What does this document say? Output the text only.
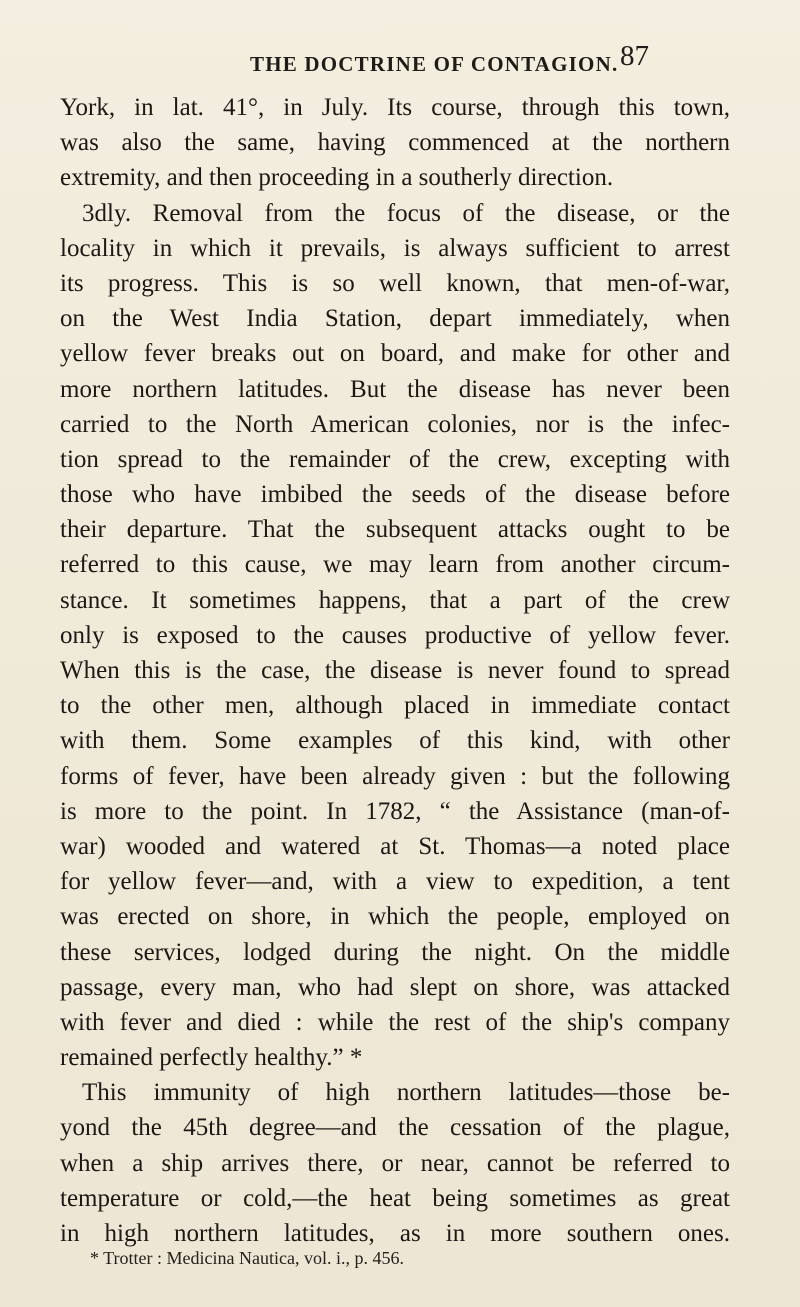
THE DOCTRINE OF CONTAGION. 87
York, in lat. 41°, in July. Its course, through this town,
was also the same, having commenced at the northern
extremity, and then proceeding in a southerly direction.
3dly. Removal from the focus of the disease, or the
locality in which it prevails, is always sufficient to arrest
its progress. This is so well known, that men-of-war,
on the West India Station, depart immediately, when
yellow fever breaks out on board, and make for other and
more northern latitudes. But the disease has never been
carried to the North American colonies, nor is the infec-
tion spread to the remainder of the crew, excepting with
those who have imbibed the seeds of the disease before
their departure. That the subsequent attacks ought to be
referred to this cause, we may learn from another circum-
stance. It sometimes happens, that a part of the crew
only is exposed to the causes productive of yellow fever.
When this is the case, the disease is never found to spread
to the other men, although placed in immediate contact
with them. Some examples of this kind, with other
forms of fever, have been already given : but the following
is more to the point. In 1782, “ the Assistance (man-of-
war) wooded and watered at St. Thomas—a noted place
for yellow fever—and, with a view to expedition, a tent
was erected on shore, in which the people, employed on
these services, lodged during the night. On the middle
passage, every man, who had slept on shore, was attacked
with fever and died : while the rest of the ship's company
remained perfectly healthy.” *
This immunity of high northern latitudes—those be-
yond the 45th degree—and the cessation of the plague,
when a ship arrives there, or near, cannot be referred to
temperature or cold,—the heat being sometimes as great
in high northern latitudes, as in more southern ones.
* Trotter : Medicina Nautica, vol. i., p. 456.
